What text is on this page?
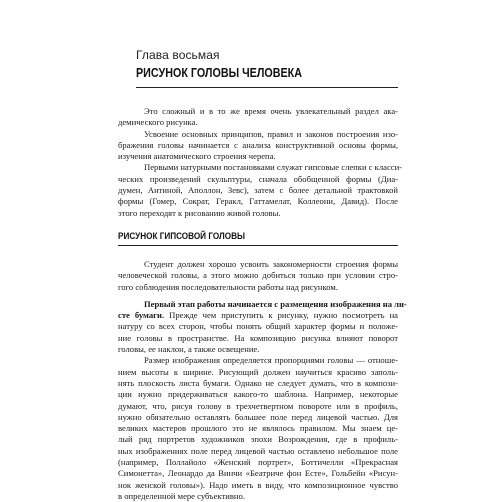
Глава восьмая
РИСУНОК ГОЛОВЫ ЧЕЛОВЕКА

Это сложный и в то же время очень увлекательный раздел ака-
демического рисунка.

Усвоение основных принципов, правил и законов построения изо-
бражения головы начинается с анализа конструктивной основы формы,
изучения анатомического строения черепа.

Первыми натурными постановками служат гипсовые слепки с класси-
ческих произведений скульптуры, сначала обобщенной формы (Диа-
думен, Антиной, Аполлон, Зевс), затем с более детальной трактовкой
формы (Гомер, Сократ, Геракл, Гаттамелат, Коллеони, Давид). После
этого переходят к рисованию живой головы.

РИСУНОК ГИПСОВОЙ ГОЛОВЫ

Студент должен хорошо усвоить закономерности строения формы
человеческой головы, а этого можно добиться только при условии стро-
гого соблюдения последовательности работы над рисунком.

Первый этап работы начинается с размещения изображения на ли-
сте бумаги. Прежде чем приступить к рисунку, нужно посмотреть на
натуру со всех сторон, чтобы понять общий характер формы и положе-
ние головы в пространстве. На композицию рисунка влияют поворот
головы, ее наклон, а также освещение.

Размер изображения определяется пропорциями головы — отноше-
нием высоты к ширине. Рисующий должен научиться красиво заполь-
нять плоскость листа бумаги. Однако не следует думать, что в компози-
ции нужно придерживаться какого-то шаблона. Например, некоторые
думают, что, рисуя голову в трехчетвертном повороте или в профиль,
нужно обязательно оставлять большее поле перед лицевой частью. Для
великих мастеров прошлого это не являлось правилом. Мы знаем це-
лый ряд портретов художников эпохи Возрождения, где в профиль-
ных изображениях поле перед лицевой частью оставлено небольшое поле
(например, Поллайоло «Женский портрет», Боттичелли «Прекрасная
Симонетта», Леонардо да Винчи «Беатриче фон Есте», Гольбейн «Рисун-
нок женской головы»). Надо иметь в виду, что композиционное чувство
в определенной мере субъективно.
